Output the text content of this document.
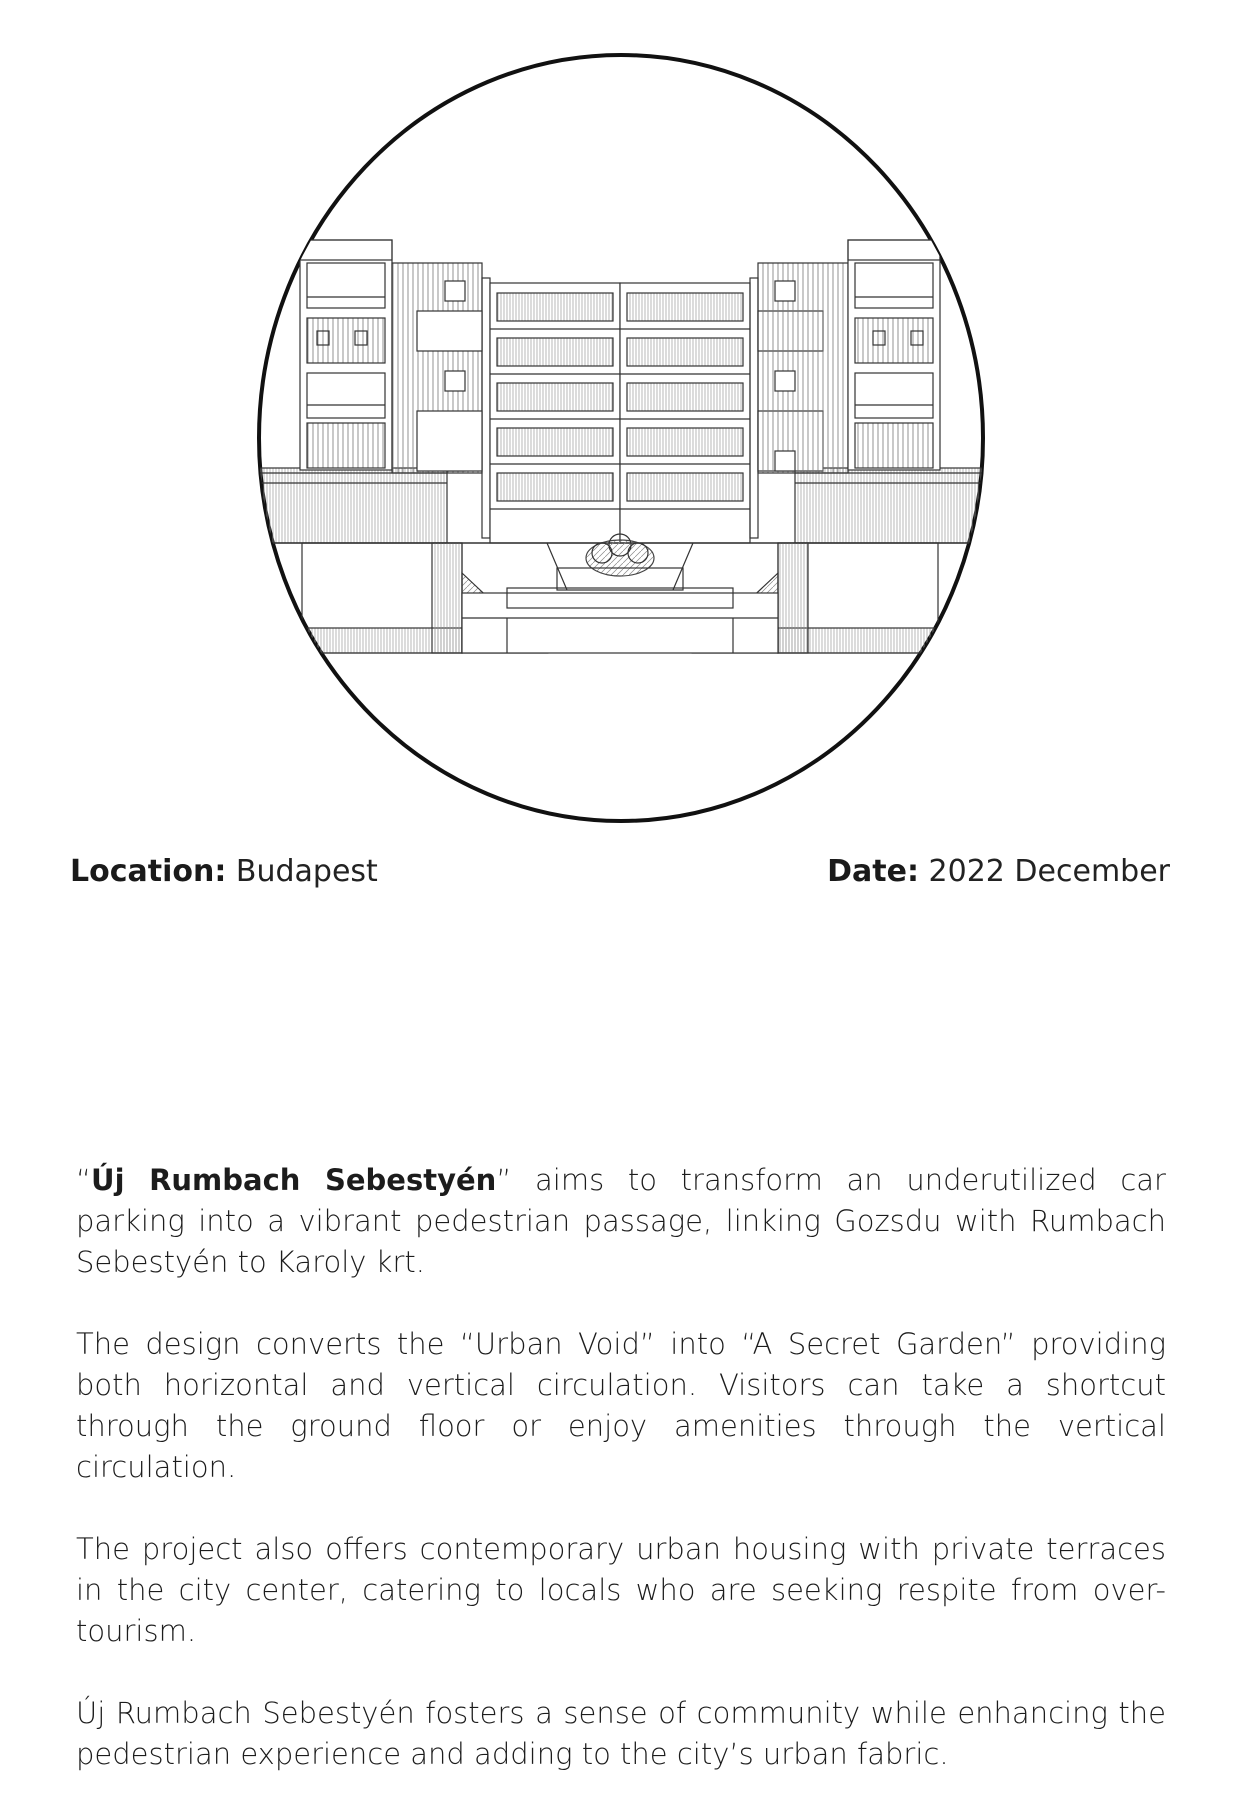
Location: Budapest	Date: 2022 December

“Új Rumbach Sebestyén” aims to transform an underutilized car parking into a vibrant pedestrian passage, linking Gozsdu with Rumbach Sebestyén to Karoly krt.

The design converts the “Urban Void” into “A Secret Garden” providing both horizontal and vertical circulation. Visitors can take a shortcut through the ground floor or enjoy amenities through the vertical circulation.

The project also offers contemporary urban housing with private terraces in the city center, catering to locals who are seeking respite from over-tourism.

Új Rumbach Sebestyén fosters a sense of community while enhancing the pedestrian experience and adding to the city’s urban fabric.
